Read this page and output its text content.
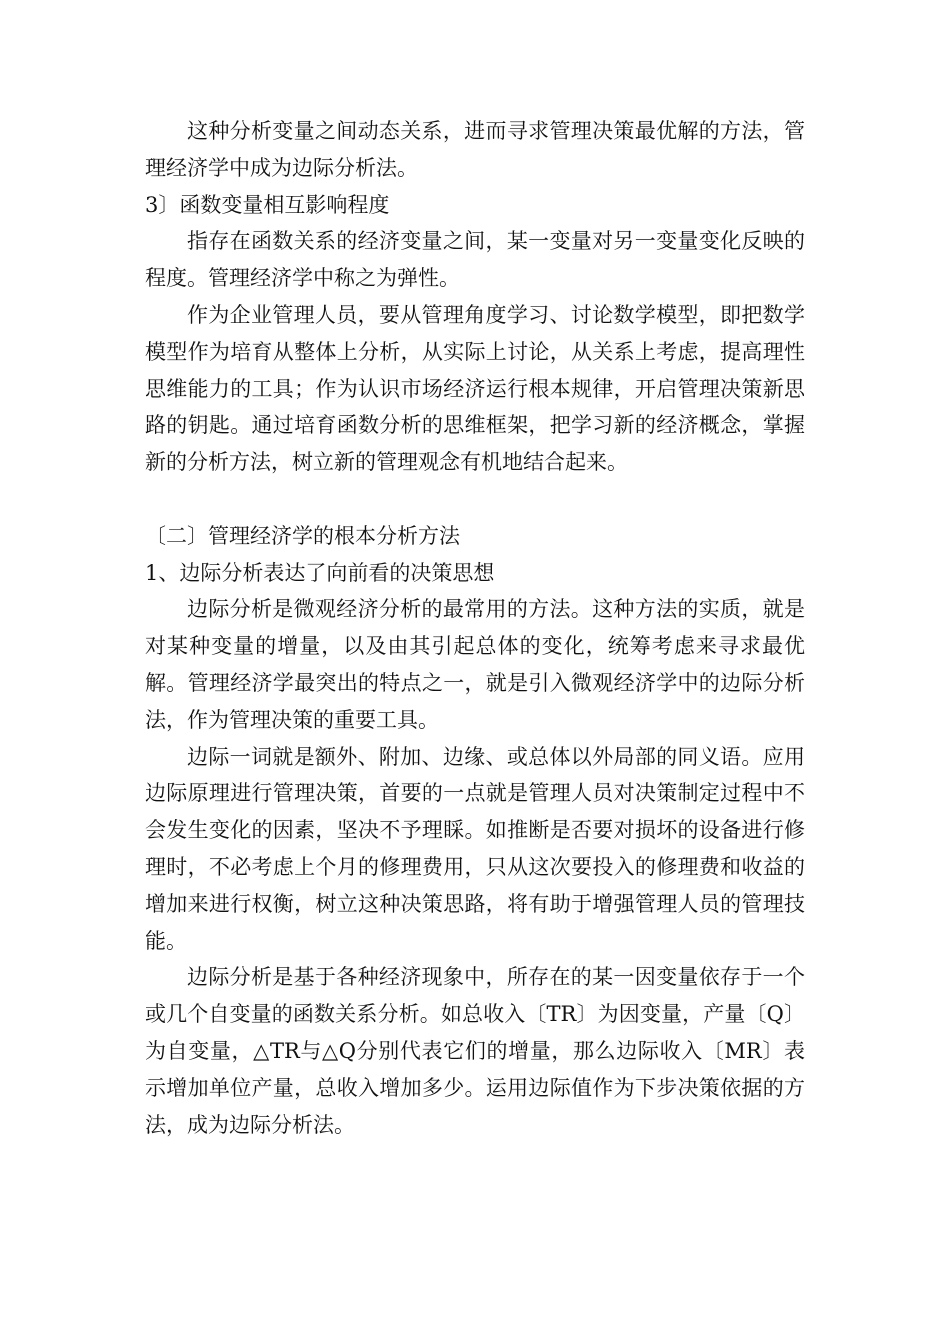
这种分析变量之间动态关系，进而寻求管理决策最优解的方法，管理经济学中成为边际分析法。

3〕函数变量相互影响程度

指存在函数关系的经济变量之间，某一变量对另一变量变化反映的程度。管理经济学中称之为弹性。

作为企业管理人员，要从管理角度学习、讨论数学模型，即把数学模型作为培育从整体上分析，从实际上讨论，从关系上考虑，提高理性思维能力的工具；作为认识市场经济运行根本规律，开启管理决策新思路的钥匙。通过培育函数分析的思维框架，把学习新的经济概念，掌握新的分析方法，树立新的管理观念有机地结合起来。

〔二〕管理经济学的根本分析方法

1、边际分析表达了向前看的决策思想

边际分析是微观经济分析的最常用的方法。这种方法的实质，就是对某种变量的增量，以及由其引起总体的变化，统筹考虑来寻求最优解。管理经济学最突出的特点之一，就是引入微观经济学中的边际分析法，作为管理决策的重要工具。

边际一词就是额外、附加、边缘、或总体以外局部的同义语。应用边际原理进行管理决策，首要的一点就是管理人员对决策制定过程中不会发生变化的因素，坚决不予理睬。如推断是否要对损坏的设备进行修理时，不必考虑上个月的修理费用，只从这次要投入的修理费和收益的增加来进行权衡，树立这种决策思路，将有助于增强管理人员的管理技能。

边际分析是基于各种经济现象中，所存在的某一因变量依存于一个或几个自变量的函数关系分析。如总收入〔TR〕为因变量，产量〔Q〕为自变量，△TR与△Q分别代表它们的增量，那么边际收入〔MR〕表示增加单位产量，总收入增加多少。运用边际值作为下步决策依据的方法，成为边际分析法。
